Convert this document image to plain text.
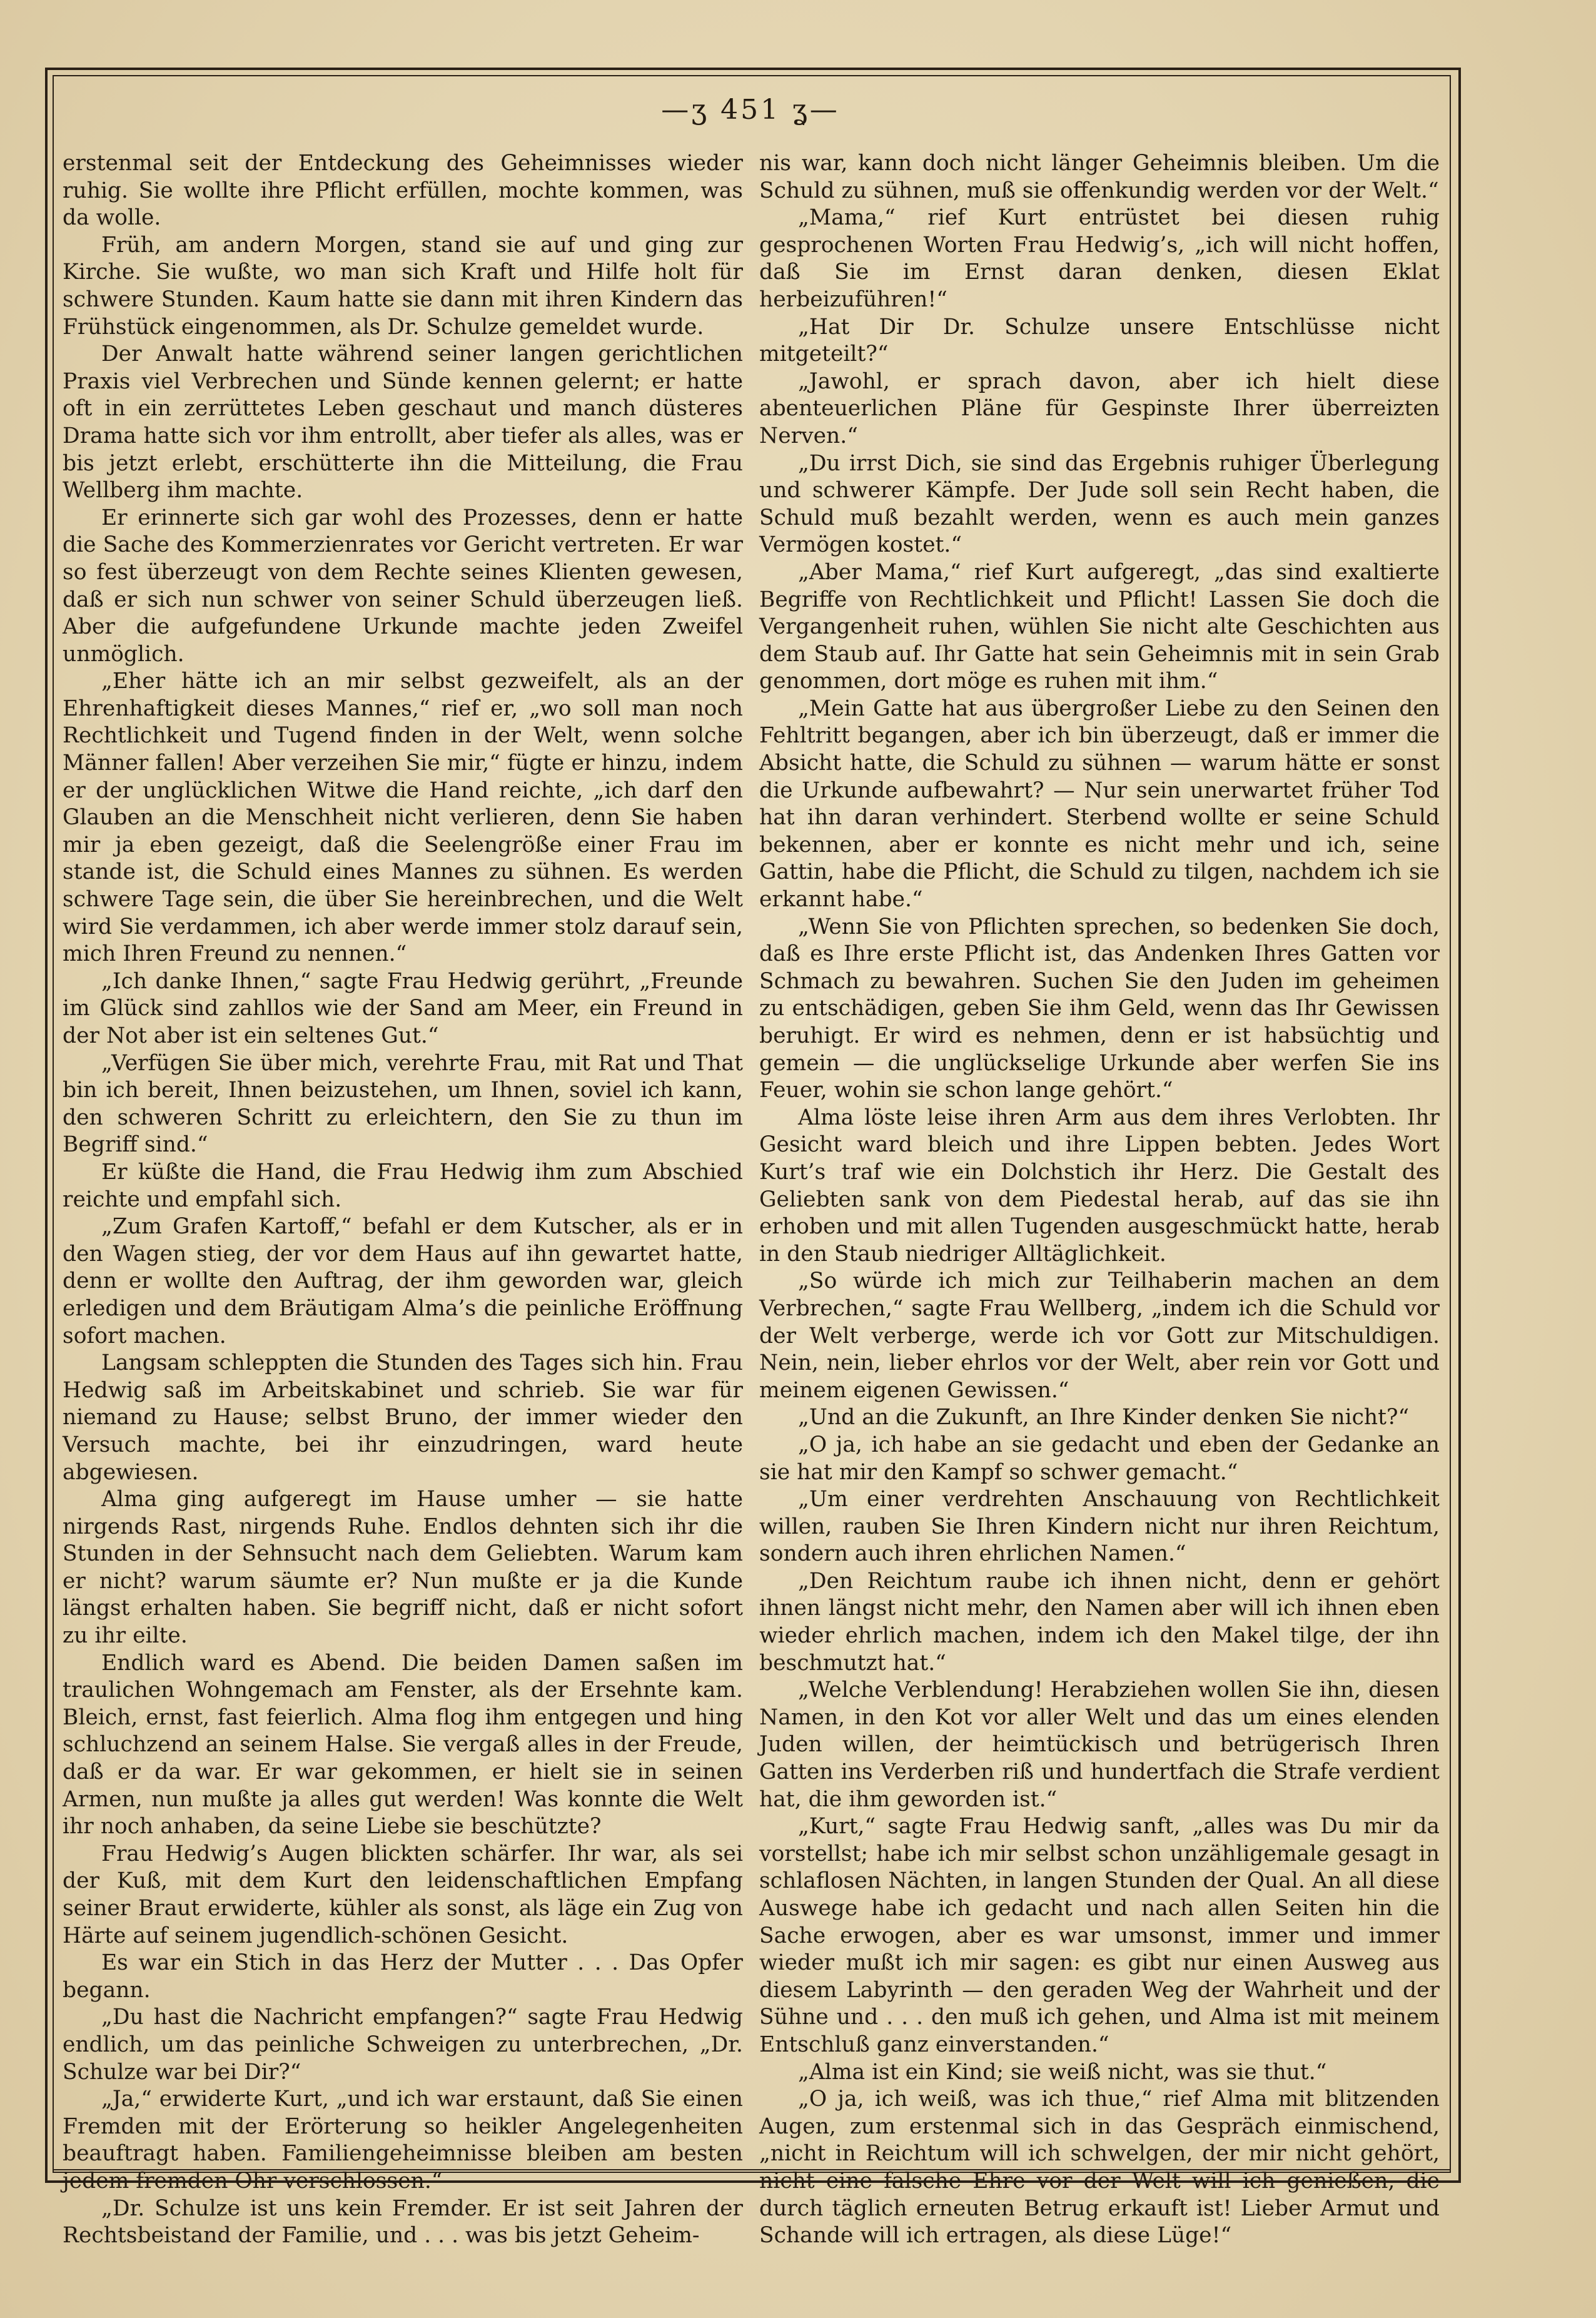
—ʒ 451 ʓ—

erstenmal seit der Entdeckung des Geheimnisses wieder ruhig. Sie wollte ihre Pflicht erfüllen, mochte kommen, was da wolle.

Früh, am andern Morgen, stand sie auf und ging zur Kirche. Sie wußte, wo man sich Kraft und Hilfe holt für schwere Stunden. Kaum hatte sie dann mit ihren Kindern das Frühstück eingenommen, als Dr. Schulze gemeldet wurde.

Der Anwalt hatte während seiner langen gerichtlichen Praxis viel Verbrechen und Sünde kennen gelernt; er hatte oft in ein zerrüttetes Leben geschaut und manch düsteres Drama hatte sich vor ihm entrollt, aber tiefer als alles, was er bis jetzt erlebt, erschütterte ihn die Mitteilung, die Frau Wellberg ihm machte.

Er erinnerte sich gar wohl des Prozesses, denn er hatte die Sache des Kommerzienrates vor Gericht vertreten. Er war so fest überzeugt von dem Rechte seines Klienten gewesen, daß er sich nun schwer von seiner Schuld überzeugen ließ. Aber die aufgefundene Urkunde machte jeden Zweifel unmöglich.

„Eher hätte ich an mir selbst gezweifelt, als an der Ehrenhaftigkeit dieses Mannes,“ rief er, „wo soll man noch Rechtlichkeit und Tugend finden in der Welt, wenn solche Männer fallen! Aber verzeihen Sie mir,“ fügte er hinzu, indem er der unglücklichen Witwe die Hand reichte, „ich darf den Glauben an die Menschheit nicht verlieren, denn Sie haben mir ja eben gezeigt, daß die Seelengröße einer Frau im stande ist, die Schuld eines Mannes zu sühnen. Es werden schwere Tage sein, die über Sie hereinbrechen, und die Welt wird Sie verdammen, ich aber werde immer stolz darauf sein, mich Ihren Freund zu nennen.“

„Ich danke Ihnen,“ sagte Frau Hedwig gerührt, „Freunde im Glück sind zahllos wie der Sand am Meer, ein Freund in der Not aber ist ein seltenes Gut.“

„Verfügen Sie über mich, verehrte Frau, mit Rat und That bin ich bereit, Ihnen beizustehen, um Ihnen, soviel ich kann, den schweren Schritt zu erleichtern, den Sie zu thun im Begriff sind.“

Er küßte die Hand, die Frau Hedwig ihm zum Abschied reichte und empfahl sich.

„Zum Grafen Kartoff,“ befahl er dem Kutscher, als er in den Wagen stieg, der vor dem Haus auf ihn gewartet hatte, denn er wollte den Auftrag, der ihm geworden war, gleich erledigen und dem Bräutigam Alma’s die peinliche Eröffnung sofort machen.

Langsam schleppten die Stunden des Tages sich hin. Frau Hedwig saß im Arbeitskabinet und schrieb. Sie war für niemand zu Hause; selbst Bruno, der immer wieder den Versuch machte, bei ihr einzudringen, ward heute abgewiesen.

Alma ging aufgeregt im Hause umher — sie hatte nirgends Rast, nirgends Ruhe. Endlos dehnten sich ihr die Stunden in der Sehnsucht nach dem Geliebten. Warum kam er nicht? warum säumte er? Nun mußte er ja die Kunde längst erhalten haben. Sie begriff nicht, daß er nicht sofort zu ihr eilte.

Endlich ward es Abend. Die beiden Damen saßen im traulichen Wohngemach am Fenster, als der Ersehnte kam. Bleich, ernst, fast feierlich. Alma flog ihm entgegen und hing schluchzend an seinem Halse. Sie vergaß alles in der Freude, daß er da war. Er war gekommen, er hielt sie in seinen Armen, nun mußte ja alles gut werden! Was konnte die Welt ihr noch anhaben, da seine Liebe sie beschützte?

Frau Hedwig’s Augen blickten schärfer. Ihr war, als sei der Kuß, mit dem Kurt den leidenschaftlichen Empfang seiner Braut erwiderte, kühler als sonst, als läge ein Zug von Härte auf seinem jugendlich-schönen Gesicht.

Es war ein Stich in das Herz der Mutter . . . Das Opfer begann.

„Du hast die Nachricht empfangen?“ sagte Frau Hedwig endlich, um das peinliche Schweigen zu unterbrechen, „Dr. Schulze war bei Dir?“

„Ja,“ erwiderte Kurt, „und ich war erstaunt, daß Sie einen Fremden mit der Erörterung so heikler Angelegenheiten beauftragt haben. Familiengeheimnisse bleiben am besten jedem fremden Ohr verschlossen.“

„Dr. Schulze ist uns kein Fremder. Er ist seit Jahren der Rechtsbeistand der Familie, und . . . was bis jetzt Geheim-

nis war, kann doch nicht länger Geheimnis bleiben. Um die Schuld zu sühnen, muß sie offenkundig werden vor der Welt.“

„Mama,“ rief Kurt entrüstet bei diesen ruhig gesprochenen Worten Frau Hedwig’s, „ich will nicht hoffen, daß Sie im Ernst daran denken, diesen Eklat herbeizuführen!“

„Hat Dir Dr. Schulze unsere Entschlüsse nicht mitgeteilt?“

„Jawohl, er sprach davon, aber ich hielt diese abenteuerlichen Pläne für Gespinste Ihrer überreizten Nerven.“

„Du irrst Dich, sie sind das Ergebnis ruhiger Überlegung und schwerer Kämpfe. Der Jude soll sein Recht haben, die Schuld muß bezahlt werden, wenn es auch mein ganzes Vermögen kostet.“

„Aber Mama,“ rief Kurt aufgeregt, „das sind exaltierte Begriffe von Rechtlichkeit und Pflicht! Lassen Sie doch die Vergangenheit ruhen, wühlen Sie nicht alte Geschichten aus dem Staub auf. Ihr Gatte hat sein Geheimnis mit in sein Grab genommen, dort möge es ruhen mit ihm.“

„Mein Gatte hat aus übergroßer Liebe zu den Seinen den Fehltritt begangen, aber ich bin überzeugt, daß er immer die Absicht hatte, die Schuld zu sühnen — warum hätte er sonst die Urkunde aufbewahrt? — Nur sein unerwartet früher Tod hat ihn daran verhindert. Sterbend wollte er seine Schuld bekennen, aber er konnte es nicht mehr und ich, seine Gattin, habe die Pflicht, die Schuld zu tilgen, nachdem ich sie erkannt habe.“

„Wenn Sie von Pflichten sprechen, so bedenken Sie doch, daß es Ihre erste Pflicht ist, das Andenken Ihres Gatten vor Schmach zu bewahren. Suchen Sie den Juden im geheimen zu entschädigen, geben Sie ihm Geld, wenn das Ihr Gewissen beruhigt. Er wird es nehmen, denn er ist habsüchtig und gemein — die unglückselige Urkunde aber werfen Sie ins Feuer, wohin sie schon lange gehört.“

Alma löste leise ihren Arm aus dem ihres Verlobten. Ihr Gesicht ward bleich und ihre Lippen bebten. Jedes Wort Kurt’s traf wie ein Dolchstich ihr Herz. Die Gestalt des Geliebten sank von dem Piedestal herab, auf das sie ihn erhoben und mit allen Tugenden ausgeschmückt hatte, herab in den Staub niedriger Alltäglichkeit.

„So würde ich mich zur Teilhaberin machen an dem Verbrechen,“ sagte Frau Wellberg, „indem ich die Schuld vor der Welt verberge, werde ich vor Gott zur Mitschuldigen. Nein, nein, lieber ehrlos vor der Welt, aber rein vor Gott und meinem eigenen Gewissen.“

„Und an die Zukunft, an Ihre Kinder denken Sie nicht?“

„O ja, ich habe an sie gedacht und eben der Gedanke an sie hat mir den Kampf so schwer gemacht.“

„Um einer verdrehten Anschauung von Rechtlichkeit willen, rauben Sie Ihren Kindern nicht nur ihren Reichtum, sondern auch ihren ehrlichen Namen.“

„Den Reichtum raube ich ihnen nicht, denn er gehört ihnen längst nicht mehr, den Namen aber will ich ihnen eben wieder ehrlich machen, indem ich den Makel tilge, der ihn beschmutzt hat.“

„Welche Verblendung! Herabziehen wollen Sie ihn, diesen Namen, in den Kot vor aller Welt und das um eines elenden Juden willen, der heimtückisch und betrügerisch Ihren Gatten ins Verderben riß und hundertfach die Strafe verdient hat, die ihm geworden ist.“

„Kurt,“ sagte Frau Hedwig sanft, „alles was Du mir da vorstellst; habe ich mir selbst schon unzähligemale gesagt in schlaflosen Nächten, in langen Stunden der Qual. An all diese Auswege habe ich gedacht und nach allen Seiten hin die Sache erwogen, aber es war umsonst, immer und immer wieder mußt ich mir sagen: es gibt nur einen Ausweg aus diesem Labyrinth — den geraden Weg der Wahrheit und der Sühne und . . . den muß ich gehen, und Alma ist mit meinem Entschluß ganz einverstanden.“

„Alma ist ein Kind; sie weiß nicht, was sie thut.“

„O ja, ich weiß, was ich thue,“ rief Alma mit blitzenden Augen, zum erstenmal sich in das Gespräch einmischend, „nicht in Reichtum will ich schwelgen, der mir nicht gehört, nicht eine falsche Ehre vor der Welt will ich genießen, die durch täglich erneuten Betrug erkauft ist! Lieber Armut und Schande will ich ertragen, als diese Lüge!“
